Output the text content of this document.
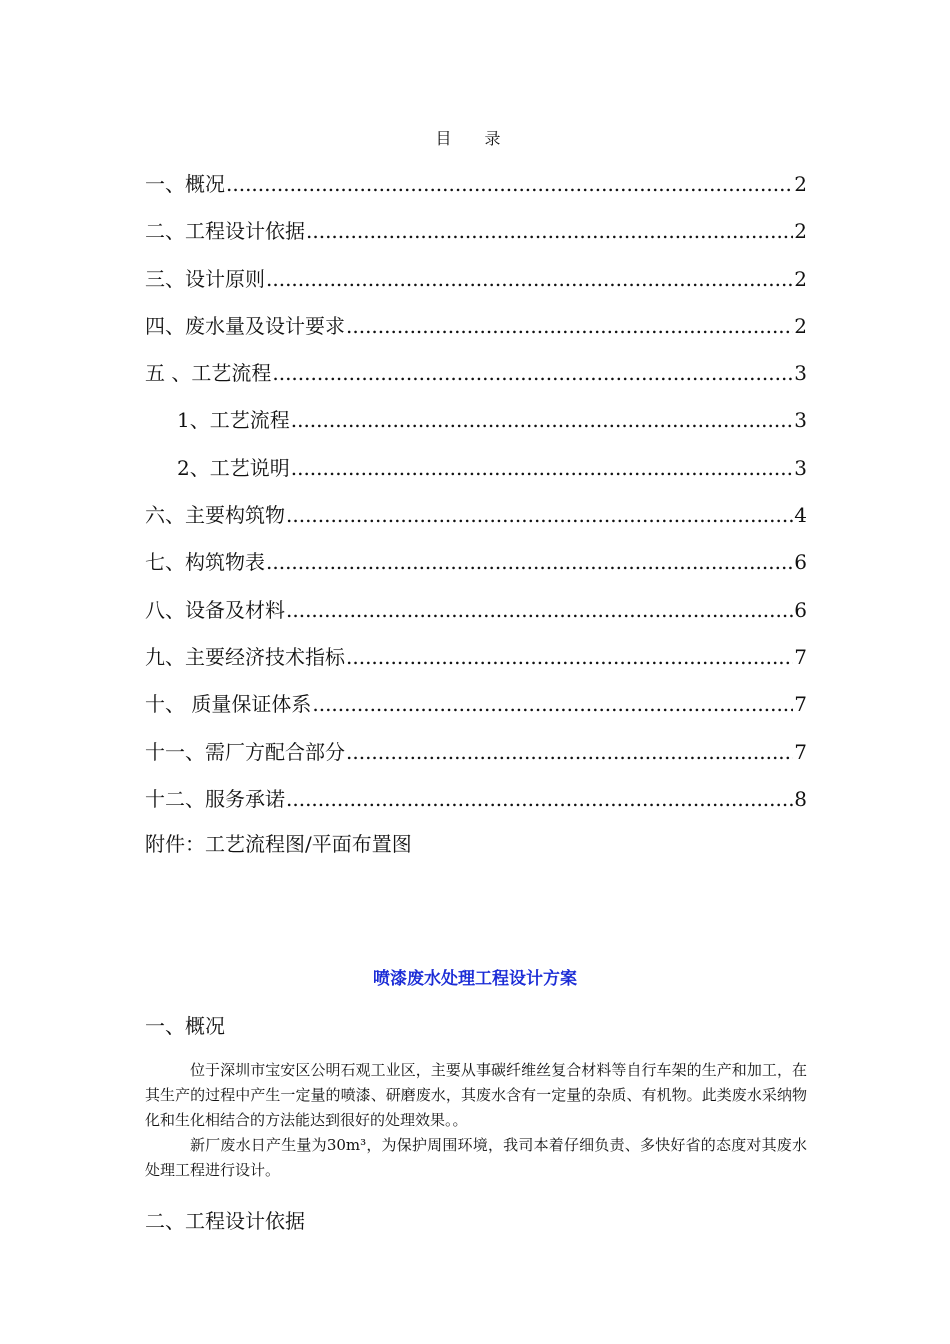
目 录
一、概况 .....	2
二、工程设计依据 .....	2
三、设计原则 .....	2
四、废水量及设计要求 .....	2
五 、工艺流程 .....	3
1、工艺流程 .....	3
2、工艺说明 .....	3
六、主要构筑物 .....	4
七、构筑物表 .....	6
八、设备及材料 .....	6
九、主要经济技术指标 .....	7
十、 质量保证体系 .....	7
十一、需厂方配合部分 .....	7
十二、服务承诺 .....	8
附件：工艺流程图/平面布置图
喷漆废水处理工程设计方案
一、概况
位于深圳市宝安区公明石观工业区，主要从事碳纤维丝复合材料等自行车架的生产和加工，在其生产的过程中产生一定量的喷漆、研磨废水，其废水含有一定量的杂质、有机物。此类废水采纳物化和生化相结合的方法能达到很好的处理效果。。
新厂废水日产生量为30m³，为保护周围环境，我司本着仔细负责、多快好省的态度对其废水处理工程进行设计。
二、工程设计依据
